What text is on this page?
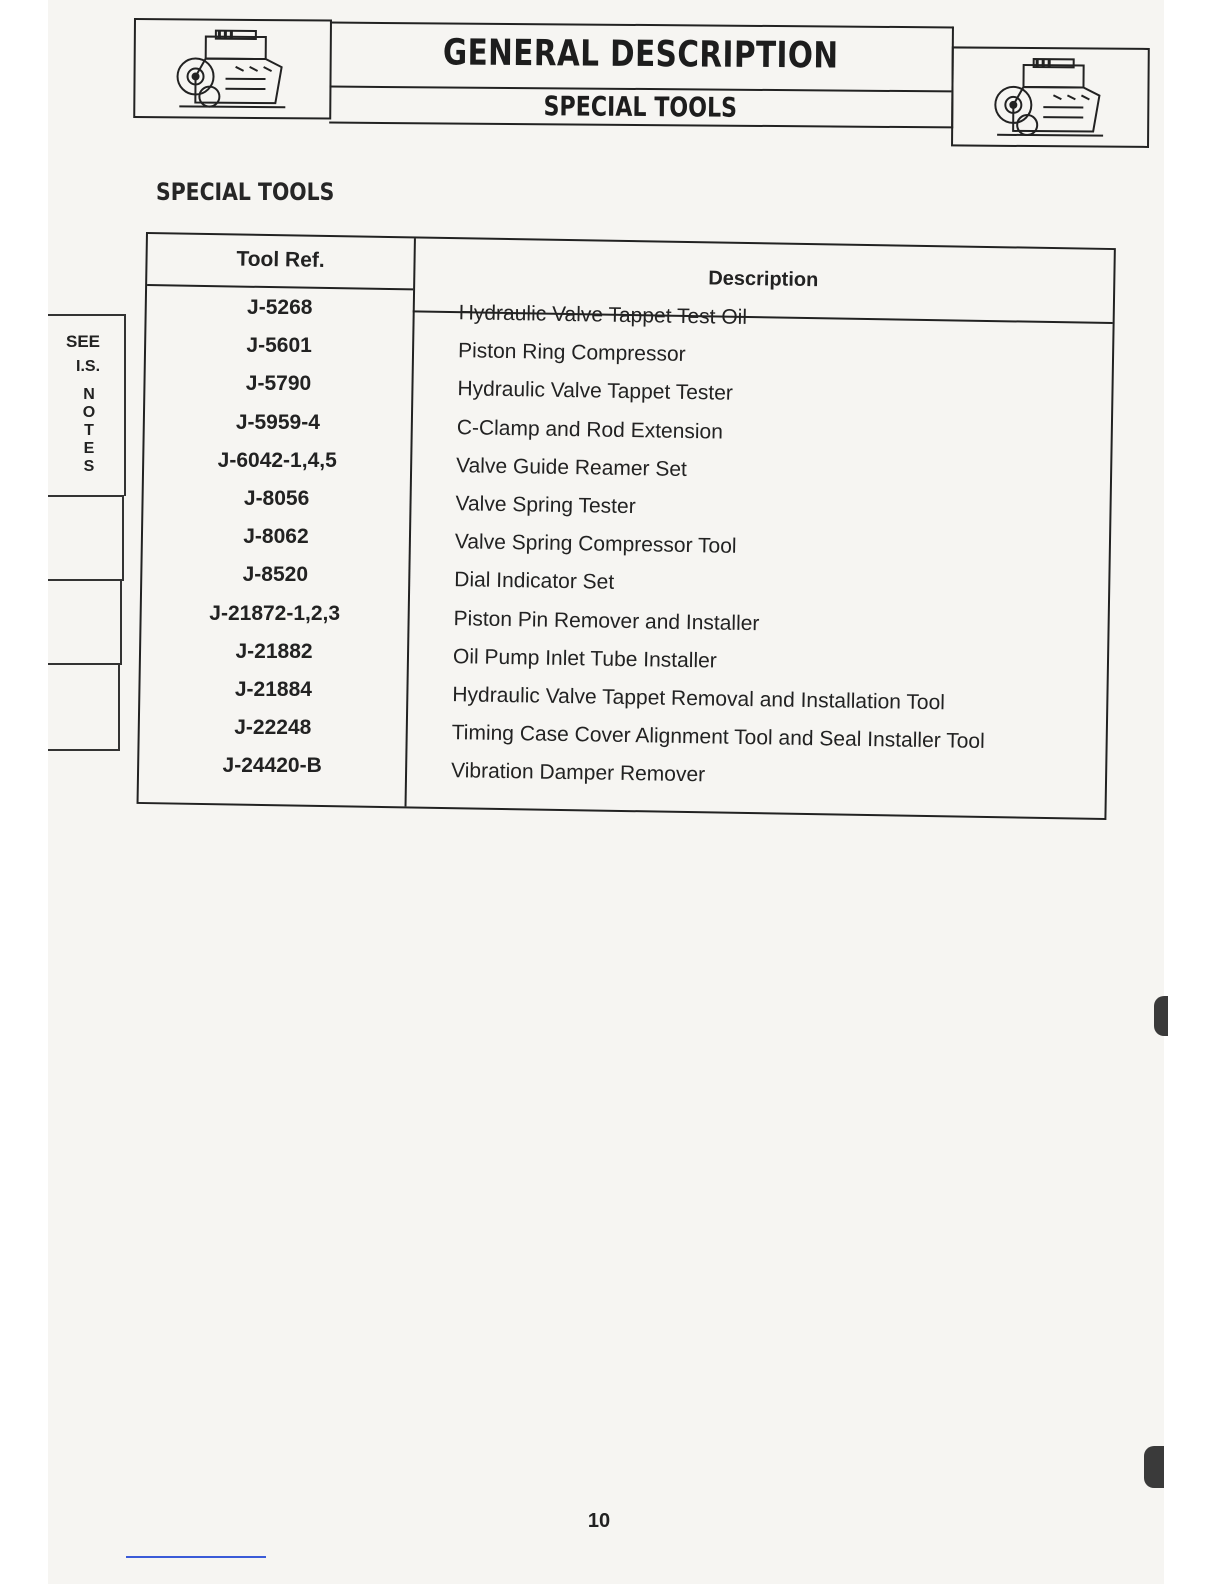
GENERAL DESCRIPTION
SPECIAL TOOLS
SPECIAL TOOLS
SEE
I.S.
NOTES
Tool Ref.
Description
J-5268	Hydraulic Valve Tappet Test Oil
J-5601	Piston Ring Compressor
J-5790	Hydraulic Valve Tappet Tester
J-5959-4	C-Clamp and Rod Extension
J-6042-1,4,5	Valve Guide Reamer Set
J-8056	Valve Spring Tester
J-8062	Valve Spring Compressor Tool
J-8520	Dial Indicator Set
J-21872-1,2,3	Piston Pin Remover and Installer
J-21882	Oil Pump Inlet Tube Installer
J-21884	Hydraulic Valve Tappet Removal and Installation Tool
J-22248	Timing Case Cover Alignment Tool and Seal Installer Tool
J-24420-B	Vibration Damper Remover
10
